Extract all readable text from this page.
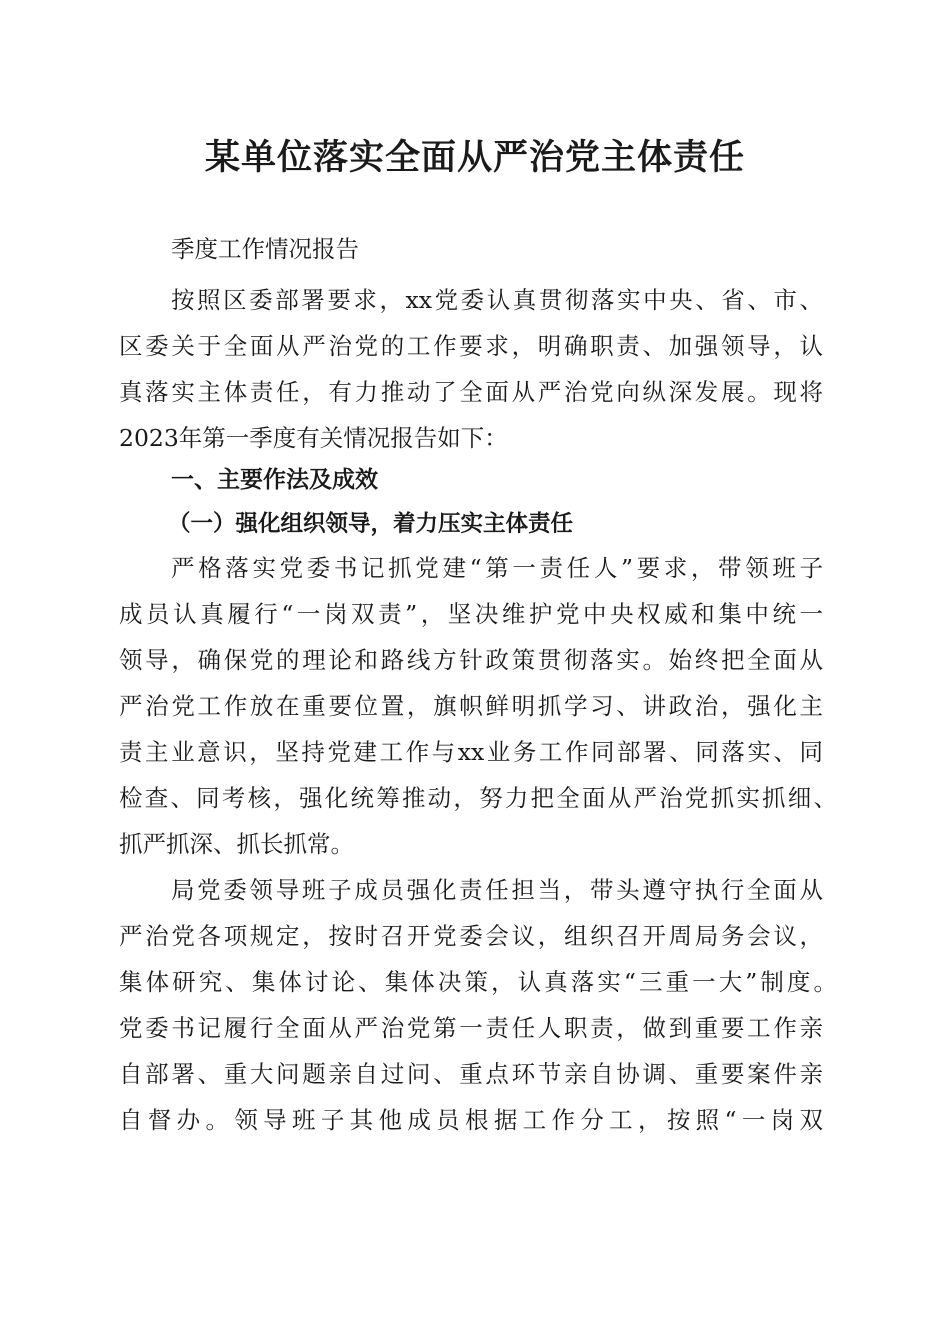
某单位落实全面从严治党主体责任

季度工作情况报告

按照区委部署要求，xx党委认真贯彻落实中央、省、市、

区委关于全面从严治党的工作要求，明确职责、加强领导，认

真落实主体责任，有力推动了全面从严治党向纵深发展。现将

2023年第一季度有关情况报告如下：

一、主要作法及成效

（一）强化组织领导，着力压实主体责任

严格落实党委书记抓党建“第一责任人”要求，带领班子

成员认真履行“一岗双责”，坚决维护党中央权威和集中统一

领导，确保党的理论和路线方针政策贯彻落实。始终把全面从

严治党工作放在重要位置，旗帜鲜明抓学习、讲政治，强化主

责主业意识，坚持党建工作与xx业务工作同部署、同落实、同

检查、同考核，强化统筹推动，努力把全面从严治党抓实抓细、

抓严抓深、抓长抓常。

局党委领导班子成员强化责任担当，带头遵守执行全面从

严治党各项规定，按时召开党委会议，组织召开周局务会议，

集体研究、集体讨论、集体决策，认真落实“三重一大”制度。

党委书记履行全面从严治党第一责任人职责，做到重要工作亲

自部署、重大问题亲自过问、重点环节亲自协调、重要案件亲

自督办。领导班子其他成员根据工作分工，按照“一岗双
